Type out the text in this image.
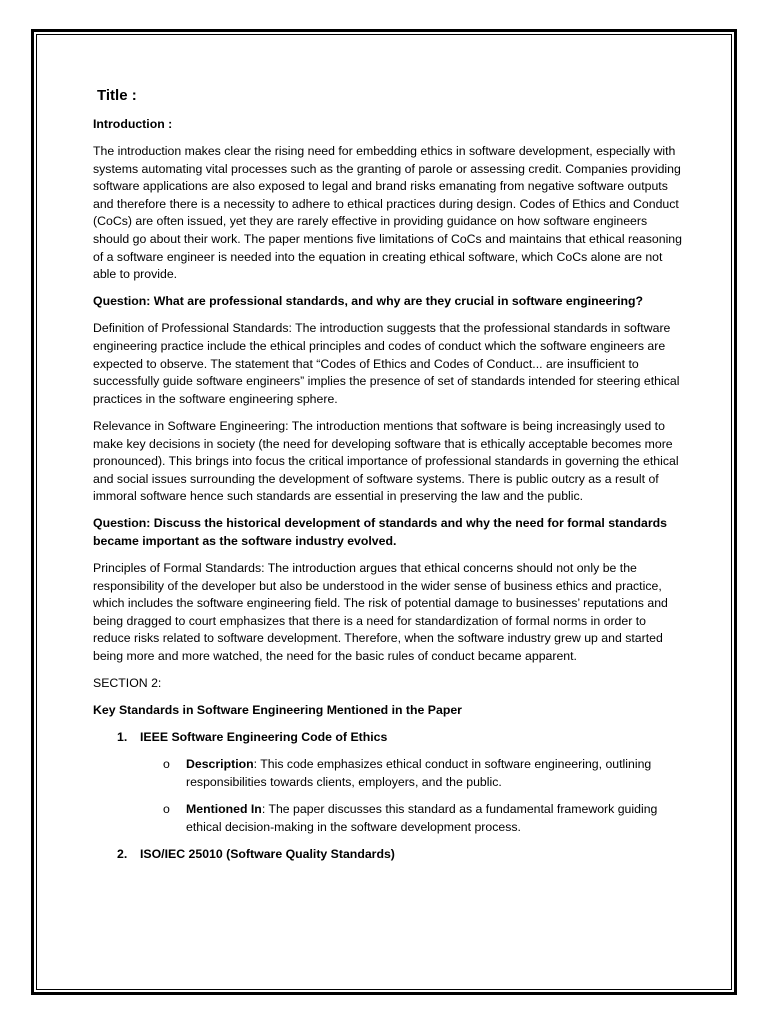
Title :
Introduction :
The introduction makes clear the rising need for embedding ethics in software development, especially with systems automating vital processes such as the granting of parole or assessing credit. Companies providing software applications are also exposed to legal and brand risks emanating from negative software outputs and therefore there is a necessity to adhere to ethical practices during design. Codes of Ethics and Conduct (CoCs) are often issued, yet they are rarely effective in providing guidance on how software engineers should go about their work. The paper mentions five limitations of CoCs and maintains that ethical reasoning of a software engineer is needed into the equation in creating ethical software, which CoCs alone are not able to provide.
Question: What are professional standards, and why are they crucial in software engineering?
Definition of Professional Standards: The introduction suggests that the professional standards in software engineering practice include the ethical principles and codes of conduct which the software engineers are expected to observe. The statement that “Codes of Ethics and Codes of Conduct... are insufficient to successfully guide software engineers” implies the presence of set of standards intended for steering ethical practices in the software engineering sphere.
Relevance in Software Engineering: The introduction mentions that software is being increasingly used to make key decisions in society (the need for developing software that is ethically acceptable becomes more pronounced). This brings into focus the critical importance of professional standards in governing the ethical and social issues surrounding the development of software systems. There is public outcry as a result of immoral software hence such standards are essential in preserving the law and the public.
Question: Discuss the historical development of standards and why the need for formal standards became important as the software industry evolved.
Principles of Formal Standards: The introduction argues that ethical concerns should not only be the responsibility of the developer but also be understood in the wider sense of business ethics and practice, which includes the software engineering field. The risk of potential damage to businesses’ reputations and being dragged to court emphasizes that there is a need for standardization of formal norms in order to reduce risks related to software development. Therefore, when the software industry grew up and started being more and more watched, the need for the basic rules of conduct became apparent.
SECTION 2:
Key Standards in Software Engineering Mentioned in the Paper
1. IEEE Software Engineering Code of Ethics
o Description: This code emphasizes ethical conduct in software engineering, outlining responsibilities towards clients, employers, and the public.
o Mentioned In: The paper discusses this standard as a fundamental framework guiding ethical decision-making in the software development process.
2. ISO/IEC 25010 (Software Quality Standards)
